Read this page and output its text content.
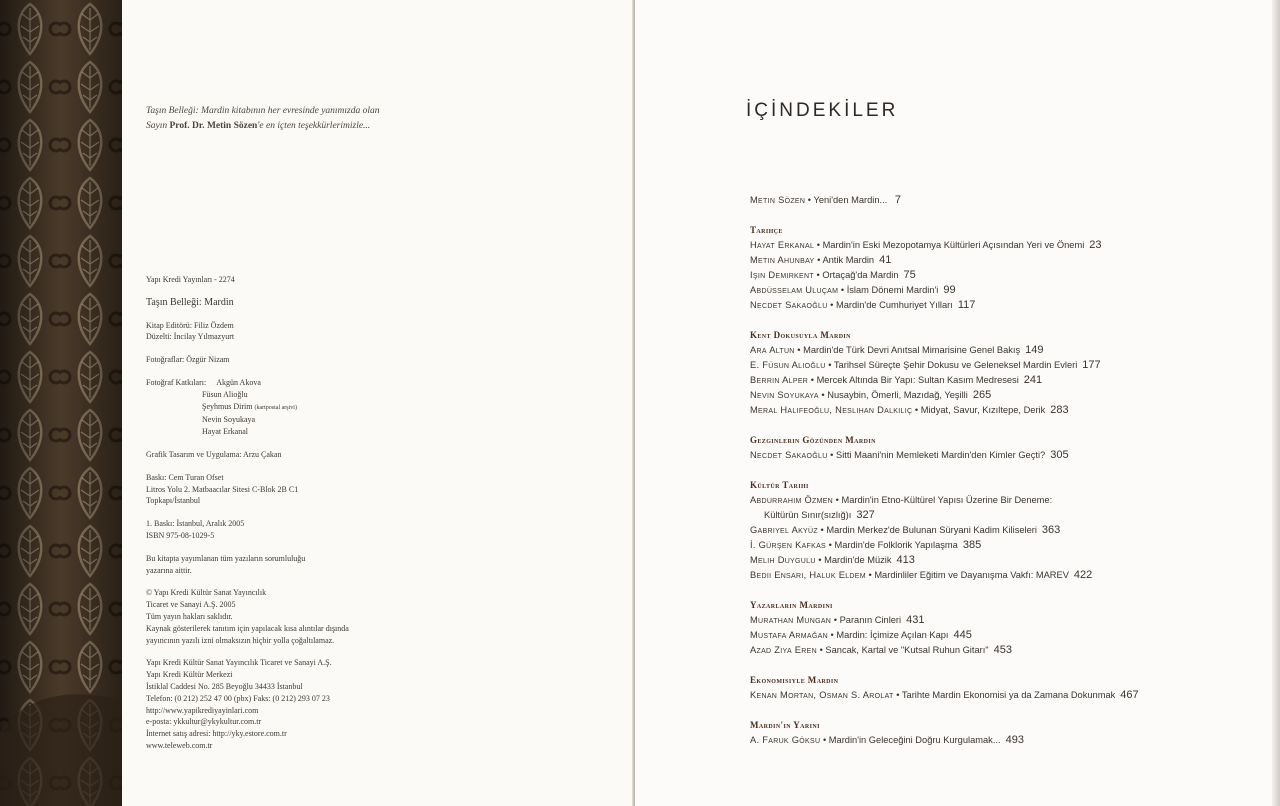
Taşın Belleği: Mardin kitabının her evresinde yanımızda olan
Sayın Prof. Dr. Metin Sözen'e en içten teşekkürlerimizle...

Yapı Kredi Yayınları - 2274

Taşın Belleği: Mardin

Kitap Editörü: Filiz Özdem
Düzelti: İncilay Yılmazyurt

Fotoğraflar: Özgür Nizam

Fotoğraf Katkıları: Akgün Akova
Füsun Alioğlu
Şeyhmus Dirim (kartpostal arşivi)
Nevin Soyukaya
Hayat Erkanal

Grafik Tasarım ve Uygulama: Arzu Çakan

Baskı: Cem Turan Ofset
Litros Yolu 2. Matbaacılar Sitesi C-Blok 2B C1
Topkapı/İstanbul

1. Baskı: İstanbul, Aralık 2005
ISBN 975-08-1029-5

Bu kitapta yayımlanan tüm yazıların sorumluluğu
yazarına aittir.

© Yapı Kredi Kültür Sanat Yayıncılık
Ticaret ve Sanayi A.Ş. 2005
Tüm yayın hakları saklıdır.
Kaynak gösterilerek tanıtım için yapılacak kısa alıntılar dışında
yayıncının yazılı izni olmaksızın hiçbir yolla çoğaltılamaz.

Yapı Kredi Kültür Sanat Yayıncılık Ticaret ve Sanayi A.Ş.
Yapı Kredi Kültür Merkezi
İstiklal Caddesi No. 285 Beyoğlu 34433 İstanbul
Telefon: (0 212) 252 47 00 (pbx) Faks: (0 212) 293 07 23
http://www.yapikrediyayinlari.com
e-posta: ykkultur@ykykultur.com.tr
İnternet satış adresi: http://yky.estore.com.tr
www.teleweb.com.tr

İÇİNDEKİLER
Metin Sözen • Yeni'den Mardin... 7
Tarihçe
Hayat Erkanal • Mardin'in Eski Mezopotamya Kültürleri Açısından Yeri ve Önemi 23
Metin Ahunbay • Antik Mardin 41
Işın Demirkent • Ortaçağ'da Mardin 75
Abdüsselam Uluçam • İslam Dönemi Mardin'i 99
Necdet Sakaoğlu • Mardin'de Cumhuriyet Yılları 117
Kent Dokusuyla Mardin
Ara Altun • Mardin'de Türk Devri Anıtsal Mimarisine Genel Bakış 149
E. Füsun Alioğlu • Tarihsel Süreçte Şehir Dokusu ve Geleneksel Mardin Evleri 177
Berrin Alper • Mercek Altında Bir Yapı: Sultan Kasım Medresesi 241
Nevin Soyukaya • Nusaybin, Ömerli, Mazıdağ, Yeşilli 265
Meral Halifeoğlu, Neslihan Dalkılıç • Midyat, Savur, Kızıltepe, Derik 283
Gezginlerin Gözünden Mardin
Necdet Sakaoğlu • Sitti Maani'nin Memleketi Mardin'den Kimler Geçti? 305
Kültür Tarihi
Abdurrahim Özmen • Mardin'in Etno-Kültürel Yapısı Üzerine Bir Deneme:
Kültürün Sınır(sızlığ)ı 327
Gabriyel Akyüz • Mardin Merkez'de Bulunan Süryani Kadim Kiliseleri 363
İ. Gürşen Kafkas • Mardin'de Folklorik Yapılaşma 385
Melih Duygulu • Mardin'de Müzik 413
Bedii Ensari, Haluk Eldem • Mardinliler Eğitim ve Dayanışma Vakfı: MAREV 422
Yazarların Mardini
Murathan Mungan • Paranın Cinleri 431
Mustafa Armağan • Mardin: İçimize Açılan Kapı 445
Azad Ziya Eren • Sancak, Kartal ve "Kutsal Ruhun Gitarı" 453
Ekonomisiyle Mardin
Kenan Mortan, Osman S. Arolat • Tarihte Mardin Ekonomisi ya da Zamana Dokunmak 467
Mardin'in Yarını
A. Faruk Göksu • Mardin'in Geleceğini Doğru Kurgulamak... 493
